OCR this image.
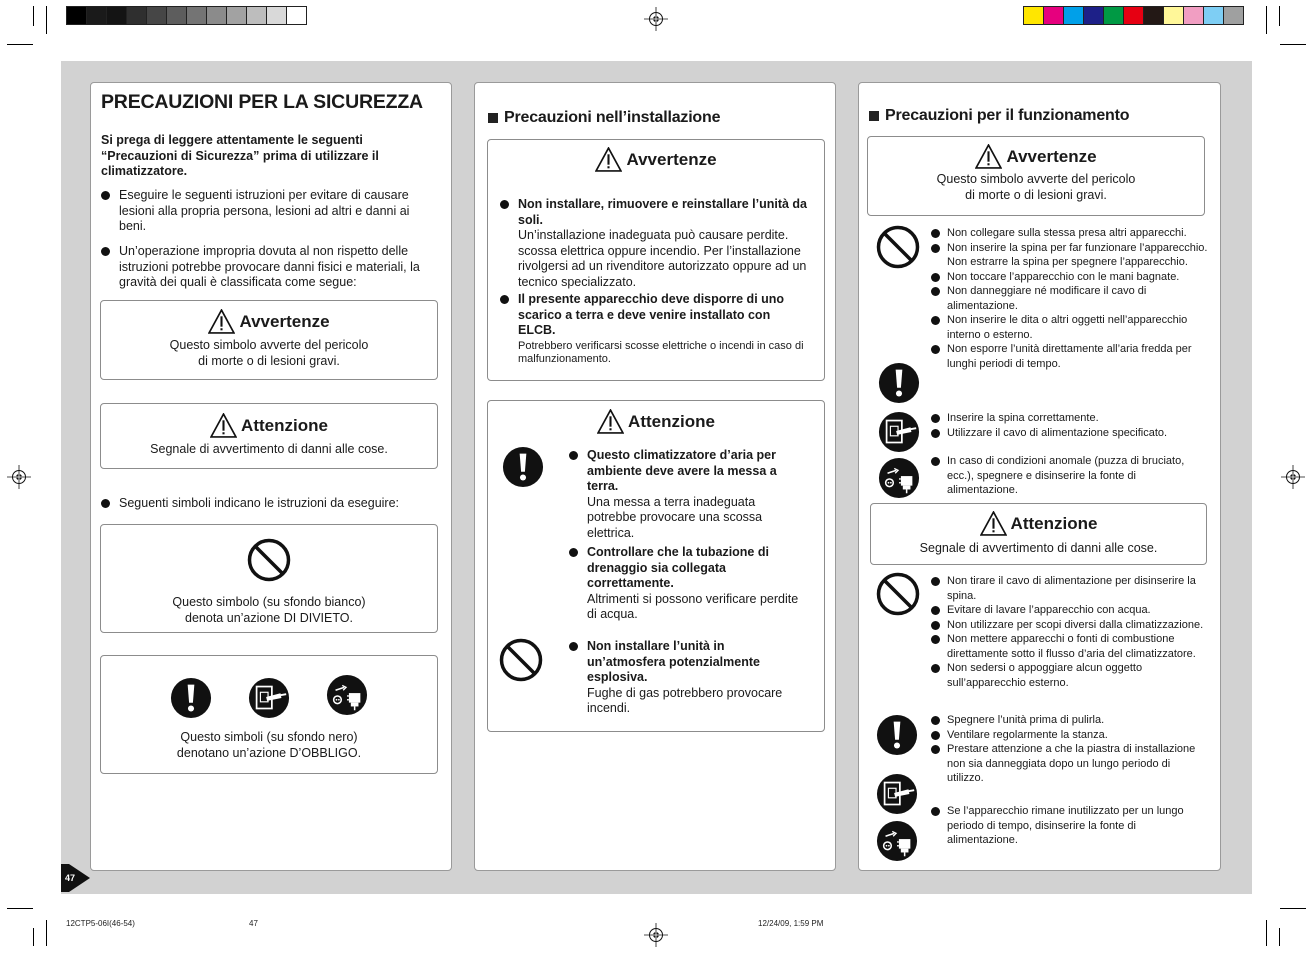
47
PRECAUZIONI PER LA SICUREZZA
Si prega di leggere attentamente le seguenti “Precauzioni di Sicurezza” prima di utilizzare il climatizzatore.
Eseguire le seguenti istruzioni per evitare di causare lesioni alla propria persona, lesioni ad altri e danni ai beni.
Un’operazione impropria dovuta al non rispetto delle istruzioni potrebbe provocare danni fisici e materiali, la gravità dei quali è classificata come segue:
Avvertenze
Questo simbolo avverte del pericolo
di morte o di lesioni gravi.
Attenzione
Segnale di avvertimento di danni alle cose.
Seguenti simboli indicano le istruzioni da eseguire:
Questo simbolo (su sfondo bianco)
denota un’azione DI DIVIETO.
Questo simboli (su sfondo nero)
denotano un’azione D’OBBLIGO.
Precauzioni nell’installazione
Avvertenze
Non installare, rimuovere e reinstallare l’unità da soli.
Un’installazione inadeguata può causare perdite. scossa elettrica oppure incendio. Per l’installazione rivolgersi ad un rivenditore autorizzato oppure ad un tecnico specializzato.
Il presente apparecchio deve disporre di uno scarico a terra e deve venire installato con ELCB.
Potrebbero verificarsi scosse elettriche o incendi in caso di malfunzionamento.
Attenzione
Questo climatizzatore d’aria per ambiente deve avere la messa a terra.
Una messa a terra inadeguata potrebbe provocare una scossa elettrica.
Controllare che la tubazione di drenaggio sia collegata correttamente.
Altrimenti si possono verificare perdite di acqua.
Non installare l’unità in un’atmosfera potenzialmente esplosiva.
Fughe di gas potrebbero provocare incendi.
Precauzioni per il funzionamento
Avvertenze
Questo simbolo avverte del pericolo
di morte o di lesioni gravi.
Non collegare sulla stessa presa altri apparecchi.
Non inserire la spina per far funzionare l’apparecchio. Non estrarre la spina per spegnere l’apparecchio.
Non toccare l’apparecchio con le mani bagnate.
Non danneggiare né modificare il cavo di alimentazione.
Non inserire le dita o altri oggetti nell’apparecchio interno o esterno.
Non esporre l’unità direttamente all’aria fredda per lunghi periodi di tempo.
Inserire la spina correttamente.
Utilizzare il cavo di alimentazione specificato.
In caso di condizioni anomale (puzza di bruciato, ecc.), spegnere e disinserire la fonte di alimentazione.
Attenzione
Segnale di avvertimento di danni alle cose.
Non tirare il cavo di alimentazione per disinserire la spina.
Evitare di lavare l’apparecchio con acqua.
Non utilizzare per scopi diversi dalla climatizzazione.
Non mettere apparecchi o fonti di combustione direttamente sotto il flusso d’aria del climatizzatore.
Non sedersi o appoggiare alcun oggetto sull’apparecchio esterno.
Spegnere l’unità prima di pulirla.
Ventilare regolarmente la stanza.
Prestare attenzione a che la piastra di installazione non sia danneggiata dopo un lungo periodo di utilizzo.
Se l’apparecchio rimane inutilizzato per un lungo periodo di tempo, disinserire la fonte di alimentazione.
12CTP5-06I(46-54)	47	12/24/09, 1:59 PM
